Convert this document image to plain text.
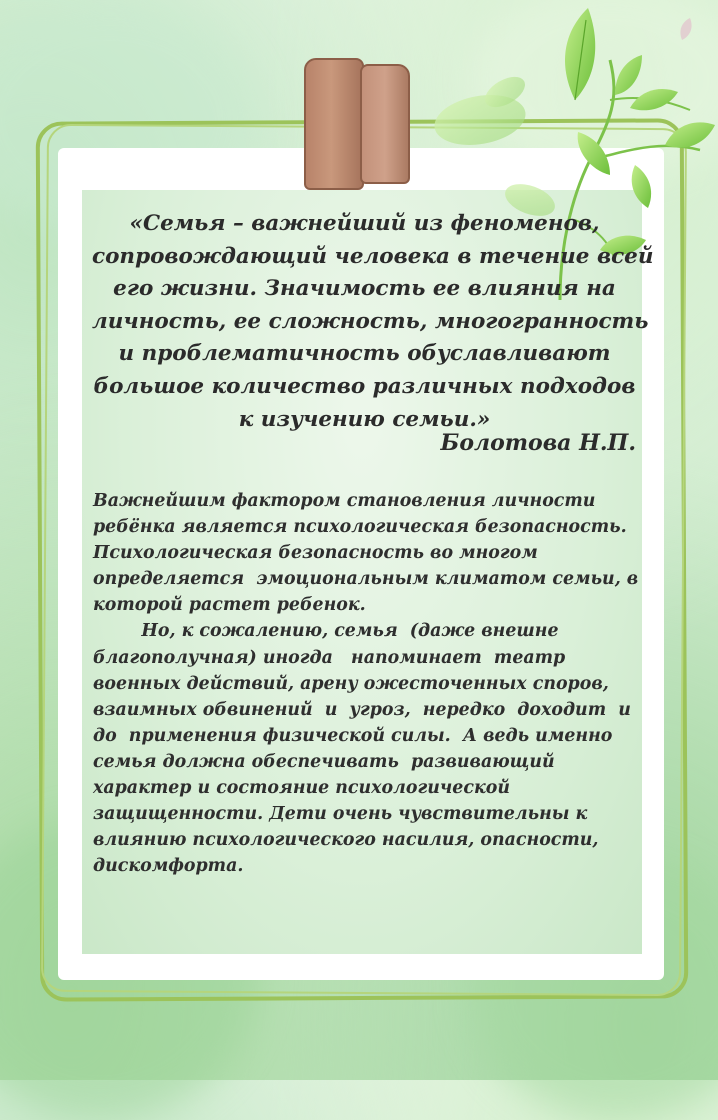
«Семья – важнейший из феноменов,
сопровождающий человека в течение всей
его жизни. Значимость ее влияния на
личность, ее сложность, многогранность
и проблематичность обуславливают
большое количество различных подходов
к изучению семьи.»
Болотова Н.П.
Важнейшим фактором становления личности
ребёнка является психологическая безопасность.
Психологическая безопасность во многом
определяется  эмоциональным климатом семьи, в
которой растет ребенок.
Но, к сожалению, семья  (даже внешне
благополучная) иногда   напоминает  театр
военных действий, арену ожесточенных споров,
взаимных обвинений  и  угроз,  нередко  доходит  и
до  применения физической силы.  А ведь именно
семья должна обеспечивать  развивающий
характер и состояние психологической
защищенности. Дети очень чувствительны к
влиянию психологического насилия, опасности,
дискомфорта.
